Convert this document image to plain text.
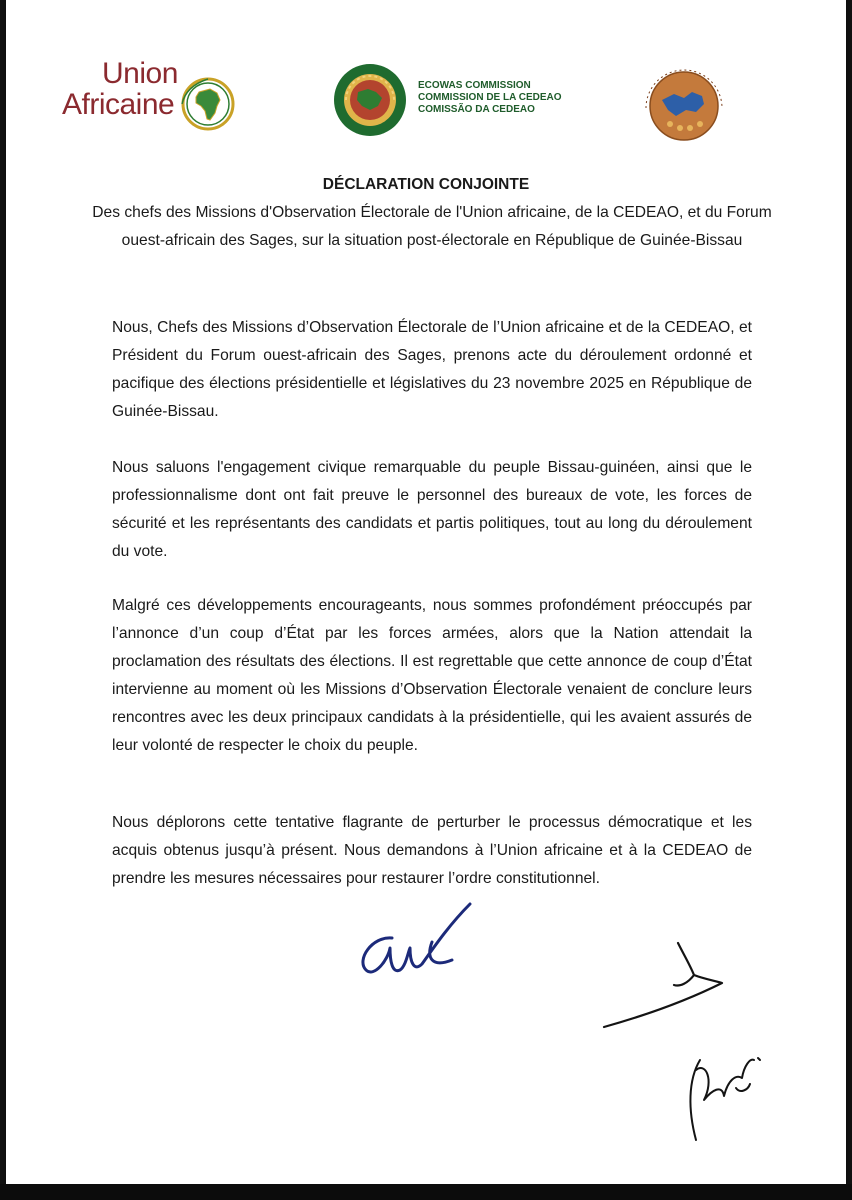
Union
Africaine
ECOWAS COMMISSION
COMMISSION DE LA CEDEAO
COMISSÃO DA CEDEAO
DÉCLARATION CONJOINTE

Des chefs des Missions d'Observation Électorale de l'Union africaine, de la CEDEAO, et du Forum ouest-africain des Sages, sur la situation post-électorale en République de Guinée-Bissau

Nous, Chefs des Missions d’Observation Électorale de l’Union africaine et de la CEDEAO, et Président du Forum ouest-africain des Sages, prenons acte du déroulement ordonné et pacifique des élections présidentielle et législatives du 23 novembre 2025 en République de Guinée-Bissau.

Nous saluons l'engagement civique remarquable du peuple Bissau-guinéen, ainsi que le professionnalisme dont ont fait preuve le personnel des bureaux de vote, les forces de sécurité et les représentants des candidats et partis politiques, tout au long du déroulement du vote.

Malgré ces développements encourageants, nous sommes profondément préoccupés par l’annonce d’un coup d’État par les forces armées, alors que la Nation attendait la proclamation des résultats des élections. Il est regrettable que cette annonce de coup d’État intervienne au moment où les Missions d’Observation Électorale venaient de conclure leurs rencontres avec les deux principaux candidats à la présidentielle, qui les avaient assurés de leur volonté de respecter le choix du peuple.

Nous déplorons cette tentative flagrante de perturber le processus démocratique et les acquis obtenus jusqu’à présent. Nous demandons à l’Union africaine et à la CEDEAO de prendre les mesures nécessaires pour restaurer l’ordre constitutionnel.
